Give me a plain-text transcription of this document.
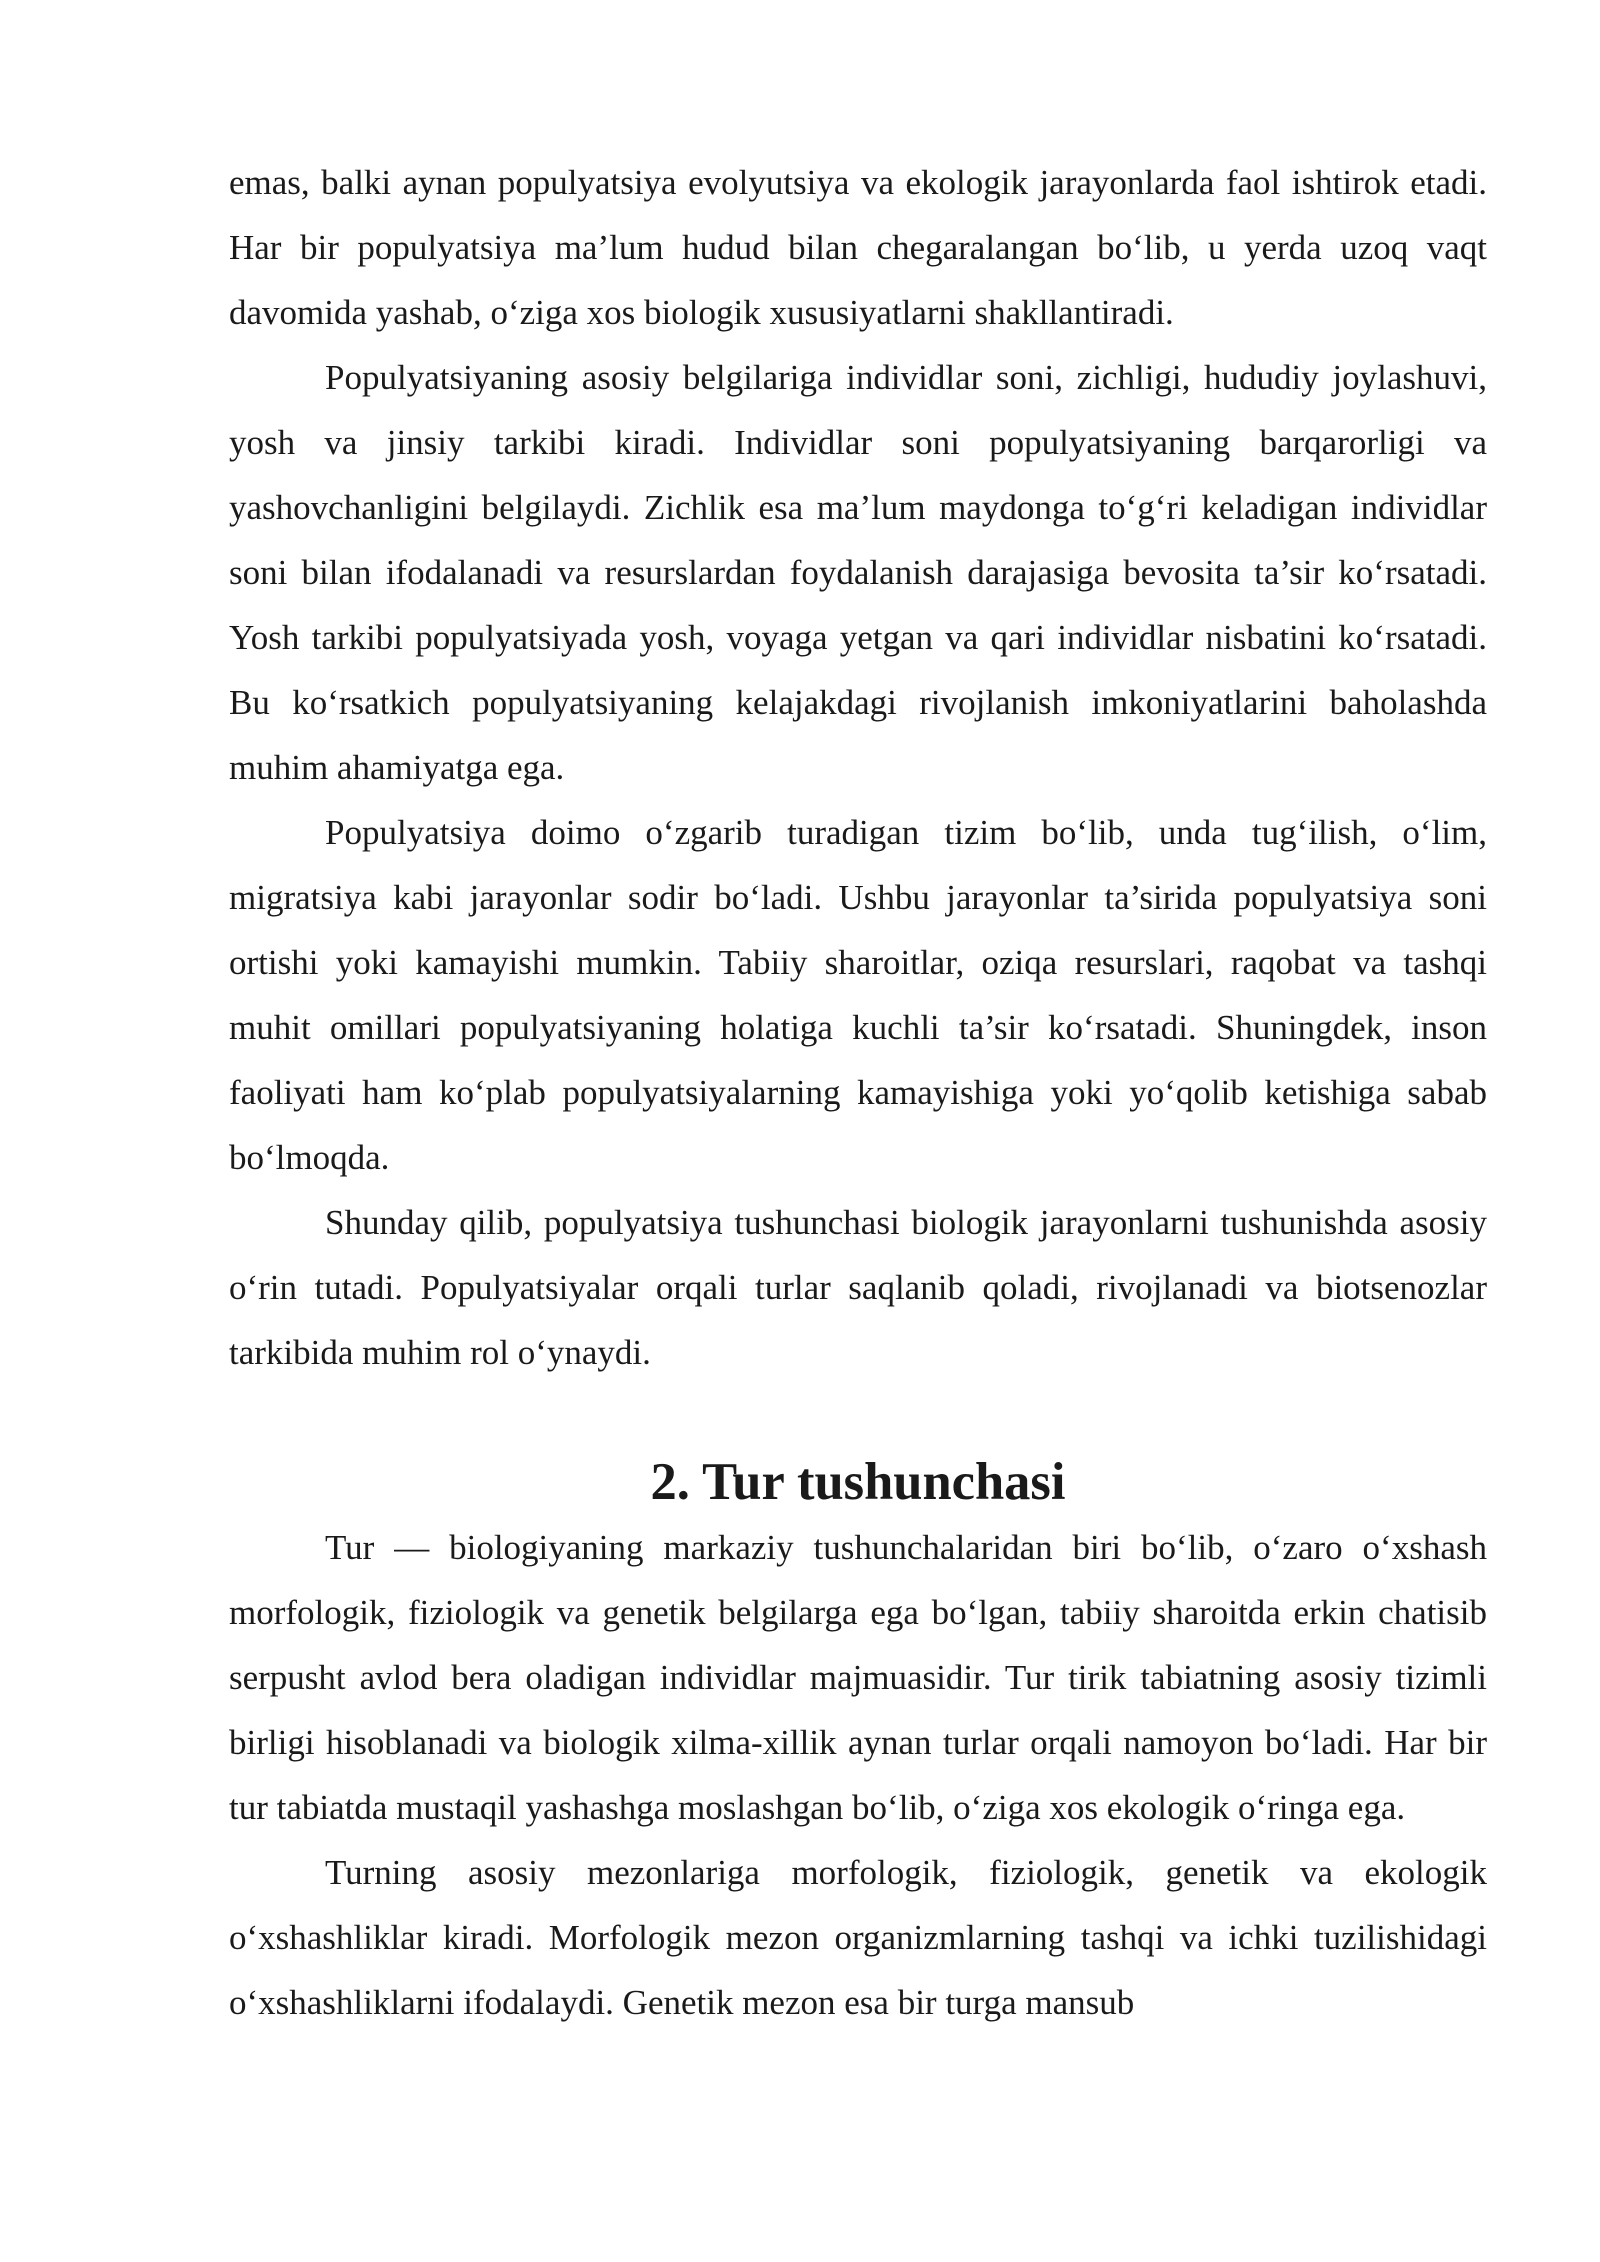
emas, balki aynan populyatsiya evolyutsiya va ekologik jarayonlarda faol ishtirok etadi. Har bir populyatsiya ma’lum hudud bilan chegaralangan bo‘lib, u yerda uzoq vaqt davomida yashab, o‘ziga xos biologik xususiyatlarni shakllantiradi.

Populyatsiyaning asosiy belgilariga individlar soni, zichligi, hududiy joylashuvi, yosh va jinsiy tarkibi kiradi. Individlar soni populyatsiyaning barqarorligi va yashovchanligini belgilaydi. Zichlik esa ma’lum maydonga to‘g‘ri keladigan individlar soni bilan ifodalanadi va resurslardan foydalanish darajasiga bevosita ta’sir ko‘rsatadi. Yosh tarkibi populyatsiyada yosh, voyaga yetgan va qari individlar nisbatini ko‘rsatadi. Bu ko‘rsatkich populyatsiyaning kelajakdagi rivojlanish imkoniyatlarini baholashda muhim ahamiyatga ega.

Populyatsiya doimo o‘zgarib turadigan tizim bo‘lib, unda tug‘ilish, o‘lim, migratsiya kabi jarayonlar sodir bo‘ladi. Ushbu jarayonlar ta’sirida populyatsiya soni ortishi yoki kamayishi mumkin. Tabiiy sharoitlar, oziqa resurslari, raqobat va tashqi muhit omillari populyatsiyaning holatiga kuchli ta’sir ko‘rsatadi. Shuningdek, inson faoliyati ham ko‘plab populyatsiyalarning kamayishiga yoki yo‘qolib ketishiga sabab bo‘lmoqda.

Shunday qilib, populyatsiya tushunchasi biologik jarayonlarni tushunishda asosiy o‘rin tutadi. Populyatsiyalar orqali turlar saqlanib qoladi, rivojlanadi va biotsenozlar tarkibida muhim rol o‘ynaydi.

2. Tur tushunchasi

Tur — biologiyaning markaziy tushunchalaridan biri bo‘lib, o‘zaro o‘xshash morfologik, fiziologik va genetik belgilarga ega bo‘lgan, tabiiy sharoitda erkin chatisib serpusht avlod bera oladigan individlar majmuasidir. Tur tirik tabiatning asosiy tizimli birligi hisoblanadi va biologik xilma-xillik aynan turlar orqali namoyon bo‘ladi. Har bir tur tabiatda mustaqil yashashga moslashgan bo‘lib, o‘ziga xos ekologik o‘ringa ega.

Turning asosiy mezonlariga morfologik, fiziologik, genetik va ekologik o‘xshashliklar kiradi. Morfologik mezon organizmlarning tashqi va ichki tuzilishidagi o‘xshashliklarni ifodalaydi. Genetik mezon esa bir turga mansub
